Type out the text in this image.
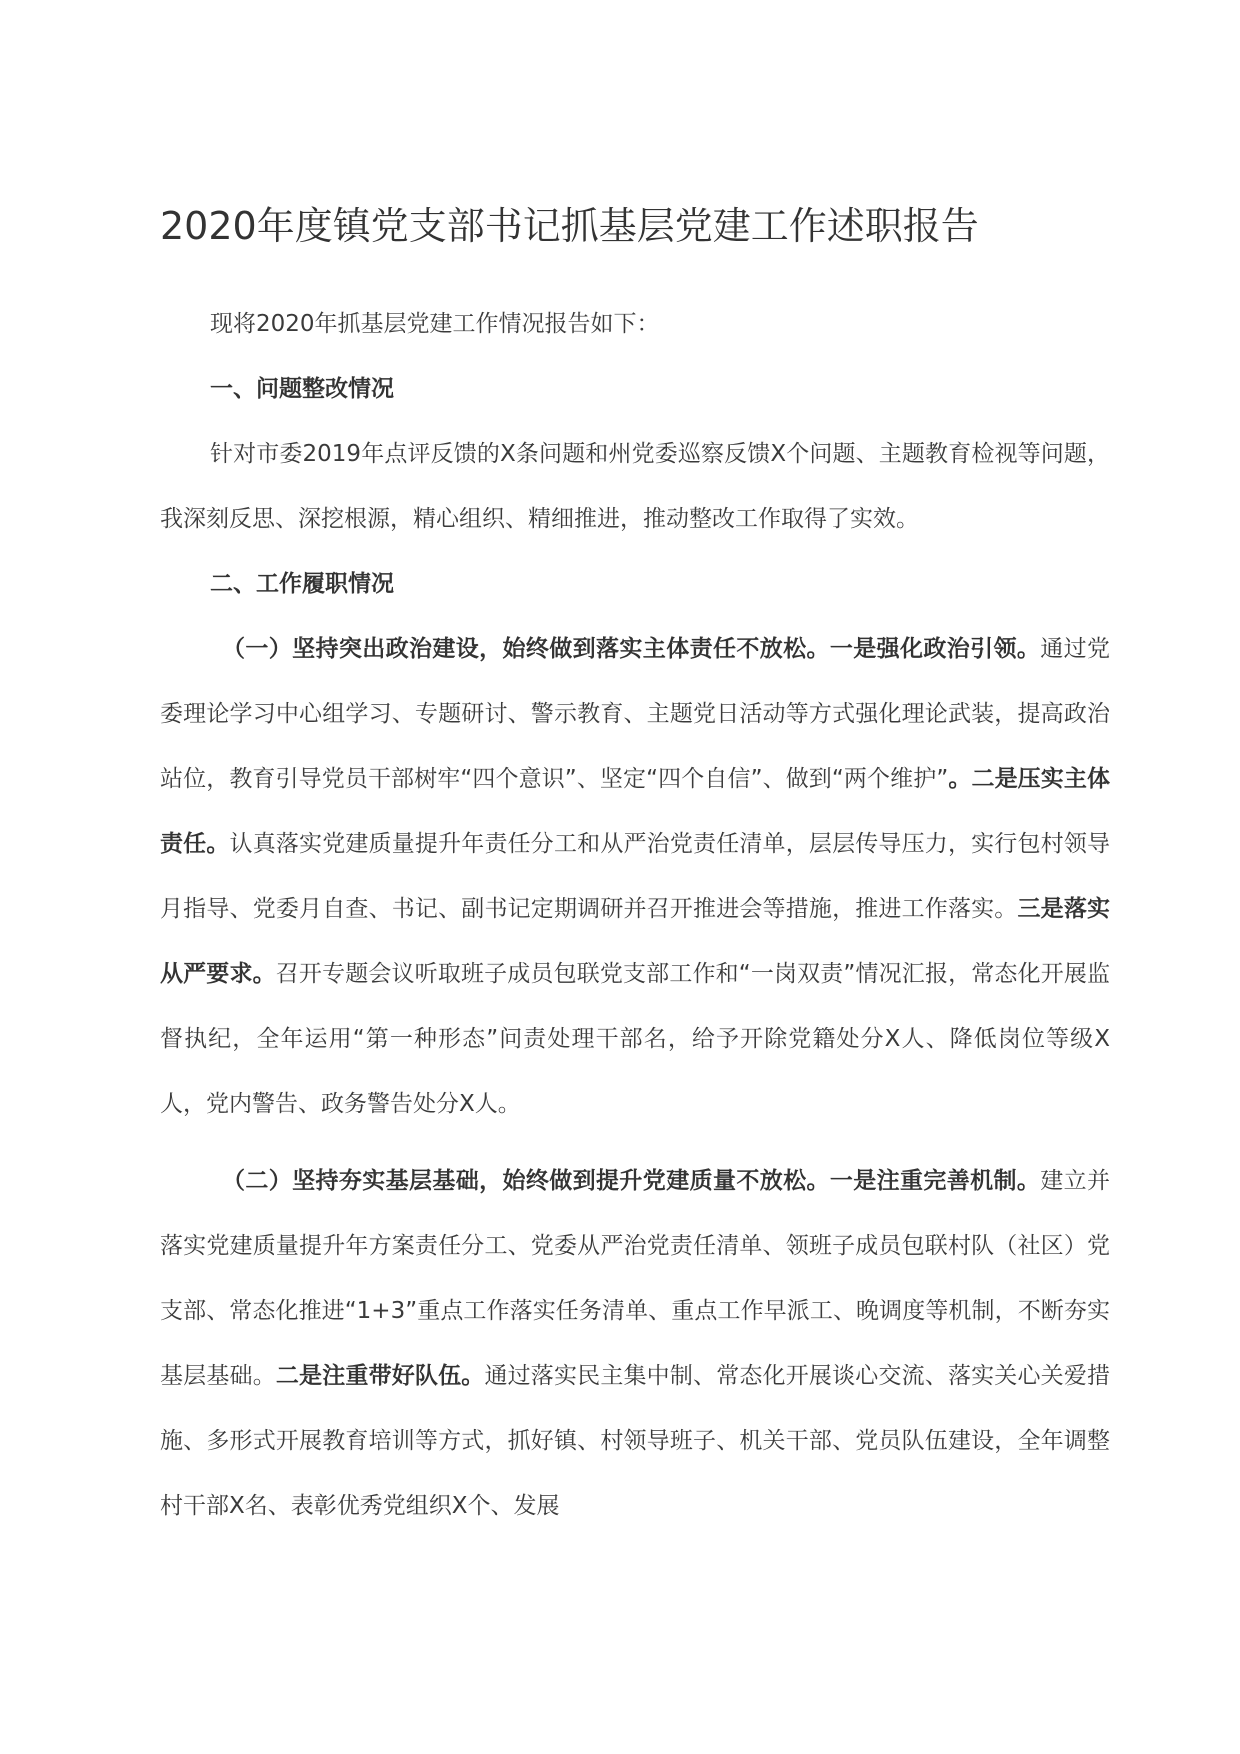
2020年度镇党支部书记抓基层党建工作述职报告

现将2020年抓基层党建工作情况报告如下：

一、问题整改情况

针对市委2019年点评反馈的X条问题和州党委巡察反馈X个问题、主题教育检视等问题，我深刻反思、深挖根源，精心组织、精细推进，推动整改工作取得了实效。

二、工作履职情况

（一）坚持突出政治建设，始终做到落实主体责任不放松。一是强化政治引领。通过党委理论学习中心组学习、专题研讨、警示教育、主题党日活动等方式强化理论武装，提高政治站位，教育引导党员干部树牢“四个意识”、坚定“四个自信”、做到“两个维护”。二是压实主体责任。认真落实党建质量提升年责任分工和从严治党责任清单，层层传导压力，实行包村领导月指导、党委月自查、书记、副书记定期调研并召开推进会等措施，推进工作落实。三是落实从严要求。召开专题会议听取班子成员包联党支部工作和“一岗双责”情况汇报，常态化开展监督执纪，全年运用“第一种形态”问责处理干部名，给予开除党籍处分X人、降低岗位等级X人，党内警告、政务警告处分X人。

（二）坚持夯实基层基础，始终做到提升党建质量不放松。一是注重完善机制。建立并落实党建质量提升年方案责任分工、党委从严治党责任清单、领班子成员包联村队（社区）党支部、常态化推进“1+3”重点工作落实任务清单、重点工作早派工、晚调度等机制，不断夯实基层基础。二是注重带好队伍。通过落实民主集中制、常态化开展谈心交流、落实关心关爱措施、多形式开展教育培训等方式，抓好镇、村领导班子、机关干部、党员队伍建设，全年调整村干部X名、表彰优秀党组织X个、发展
